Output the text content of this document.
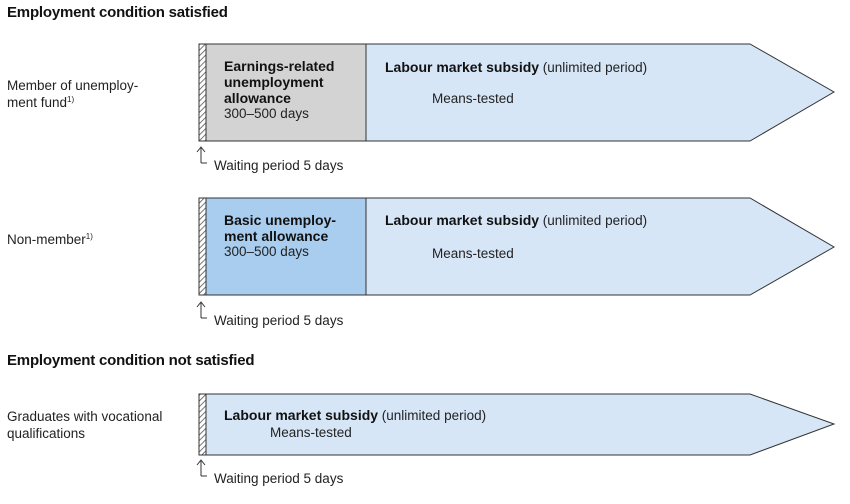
Employment condition satisfied
Employment condition not satisfied
Member of unemploy-
ment fund$^{1)}$
Earnings-related
unemployment
allowance
300–500 days
Labour market subsidy (unlimited period)
Means-tested
Waiting period 5 days
Non-member$^{1)}$
Basic unemploy-
ment allowance
300–500 days
Labour market subsidy (unlimited period)
Means-tested
Waiting period 5 days
Graduates with vocational
qualifications
Labour market subsidy (unlimited period)
Means-tested
Waiting period 5 days
